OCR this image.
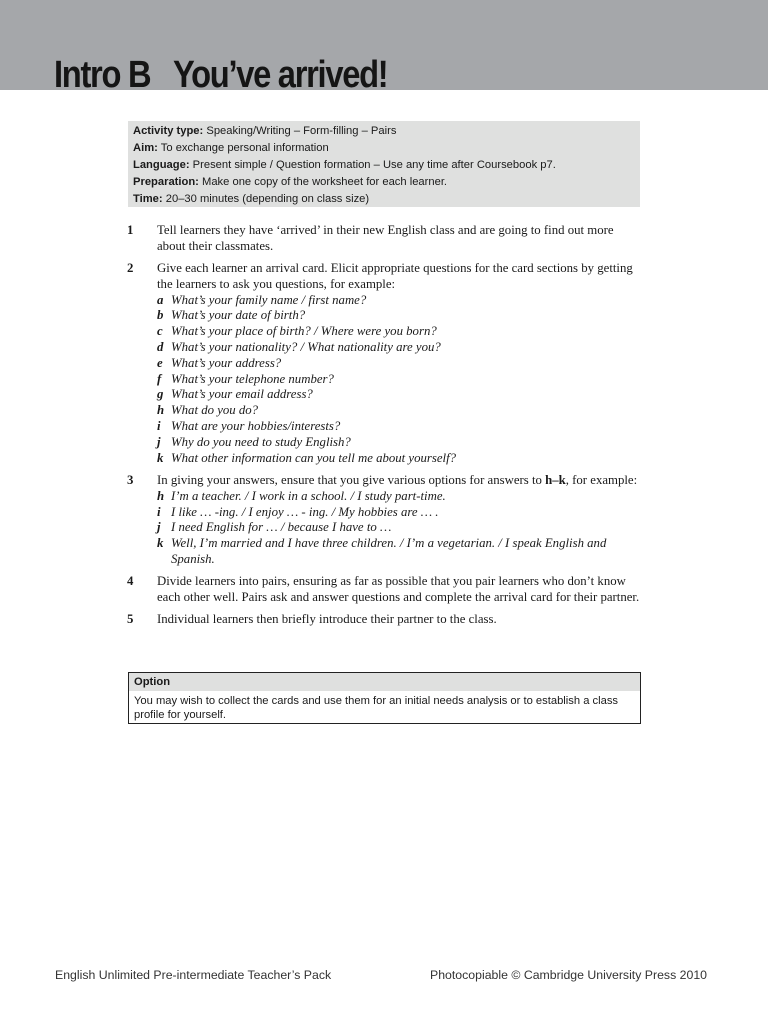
Intro B   You’ve arrived!
Activity type: Speaking/Writing – Form-filling – Pairs
Aim: To exchange personal information
Language: Present simple / Question formation – Use any time after Coursebook p7.
Preparation: Make one copy of the worksheet for each learner.
Time: 20–30 minutes (depending on class size)
1 Tell learners they have ‘arrived’ in their new English class and are going to find out more about their classmates.
2 Give each learner an arrival card. Elicit appropriate questions for the card sections by getting the learners to ask you questions, for example:
a What’s your family name / first name?
b What’s your date of birth?
c What’s your place of birth? / Where were you born?
d What’s your nationality? / What nationality are you?
e What’s your address?
f What’s your telephone number?
g What’s your email address?
h What do you do?
i What are your hobbies/interests?
j Why do you need to study English?
k What other information can you tell me about yourself?
3 In giving your answers, ensure that you give various options for answers to h–k, for example:
h I’m a teacher. / I work in a school. / I study part-time.
i I like … -ing. / I enjoy … - ing. / My hobbies are … .
j I need English for … / because I have to …
k Well, I’m married and I have three children. / I’m a vegetarian. / I speak English and Spanish.
4 Divide learners into pairs, ensuring as far as possible that you pair learners who don’t know each other well. Pairs ask and answer questions and complete the arrival card for their partner.
5 Individual learners then briefly introduce their partner to the class.
Option
You may wish to collect the cards and use them for an initial needs analysis or to establish a class profile for yourself.
English Unlimited Pre-intermediate Teacher’s Pack	Photocopiable © Cambridge University Press 2010
